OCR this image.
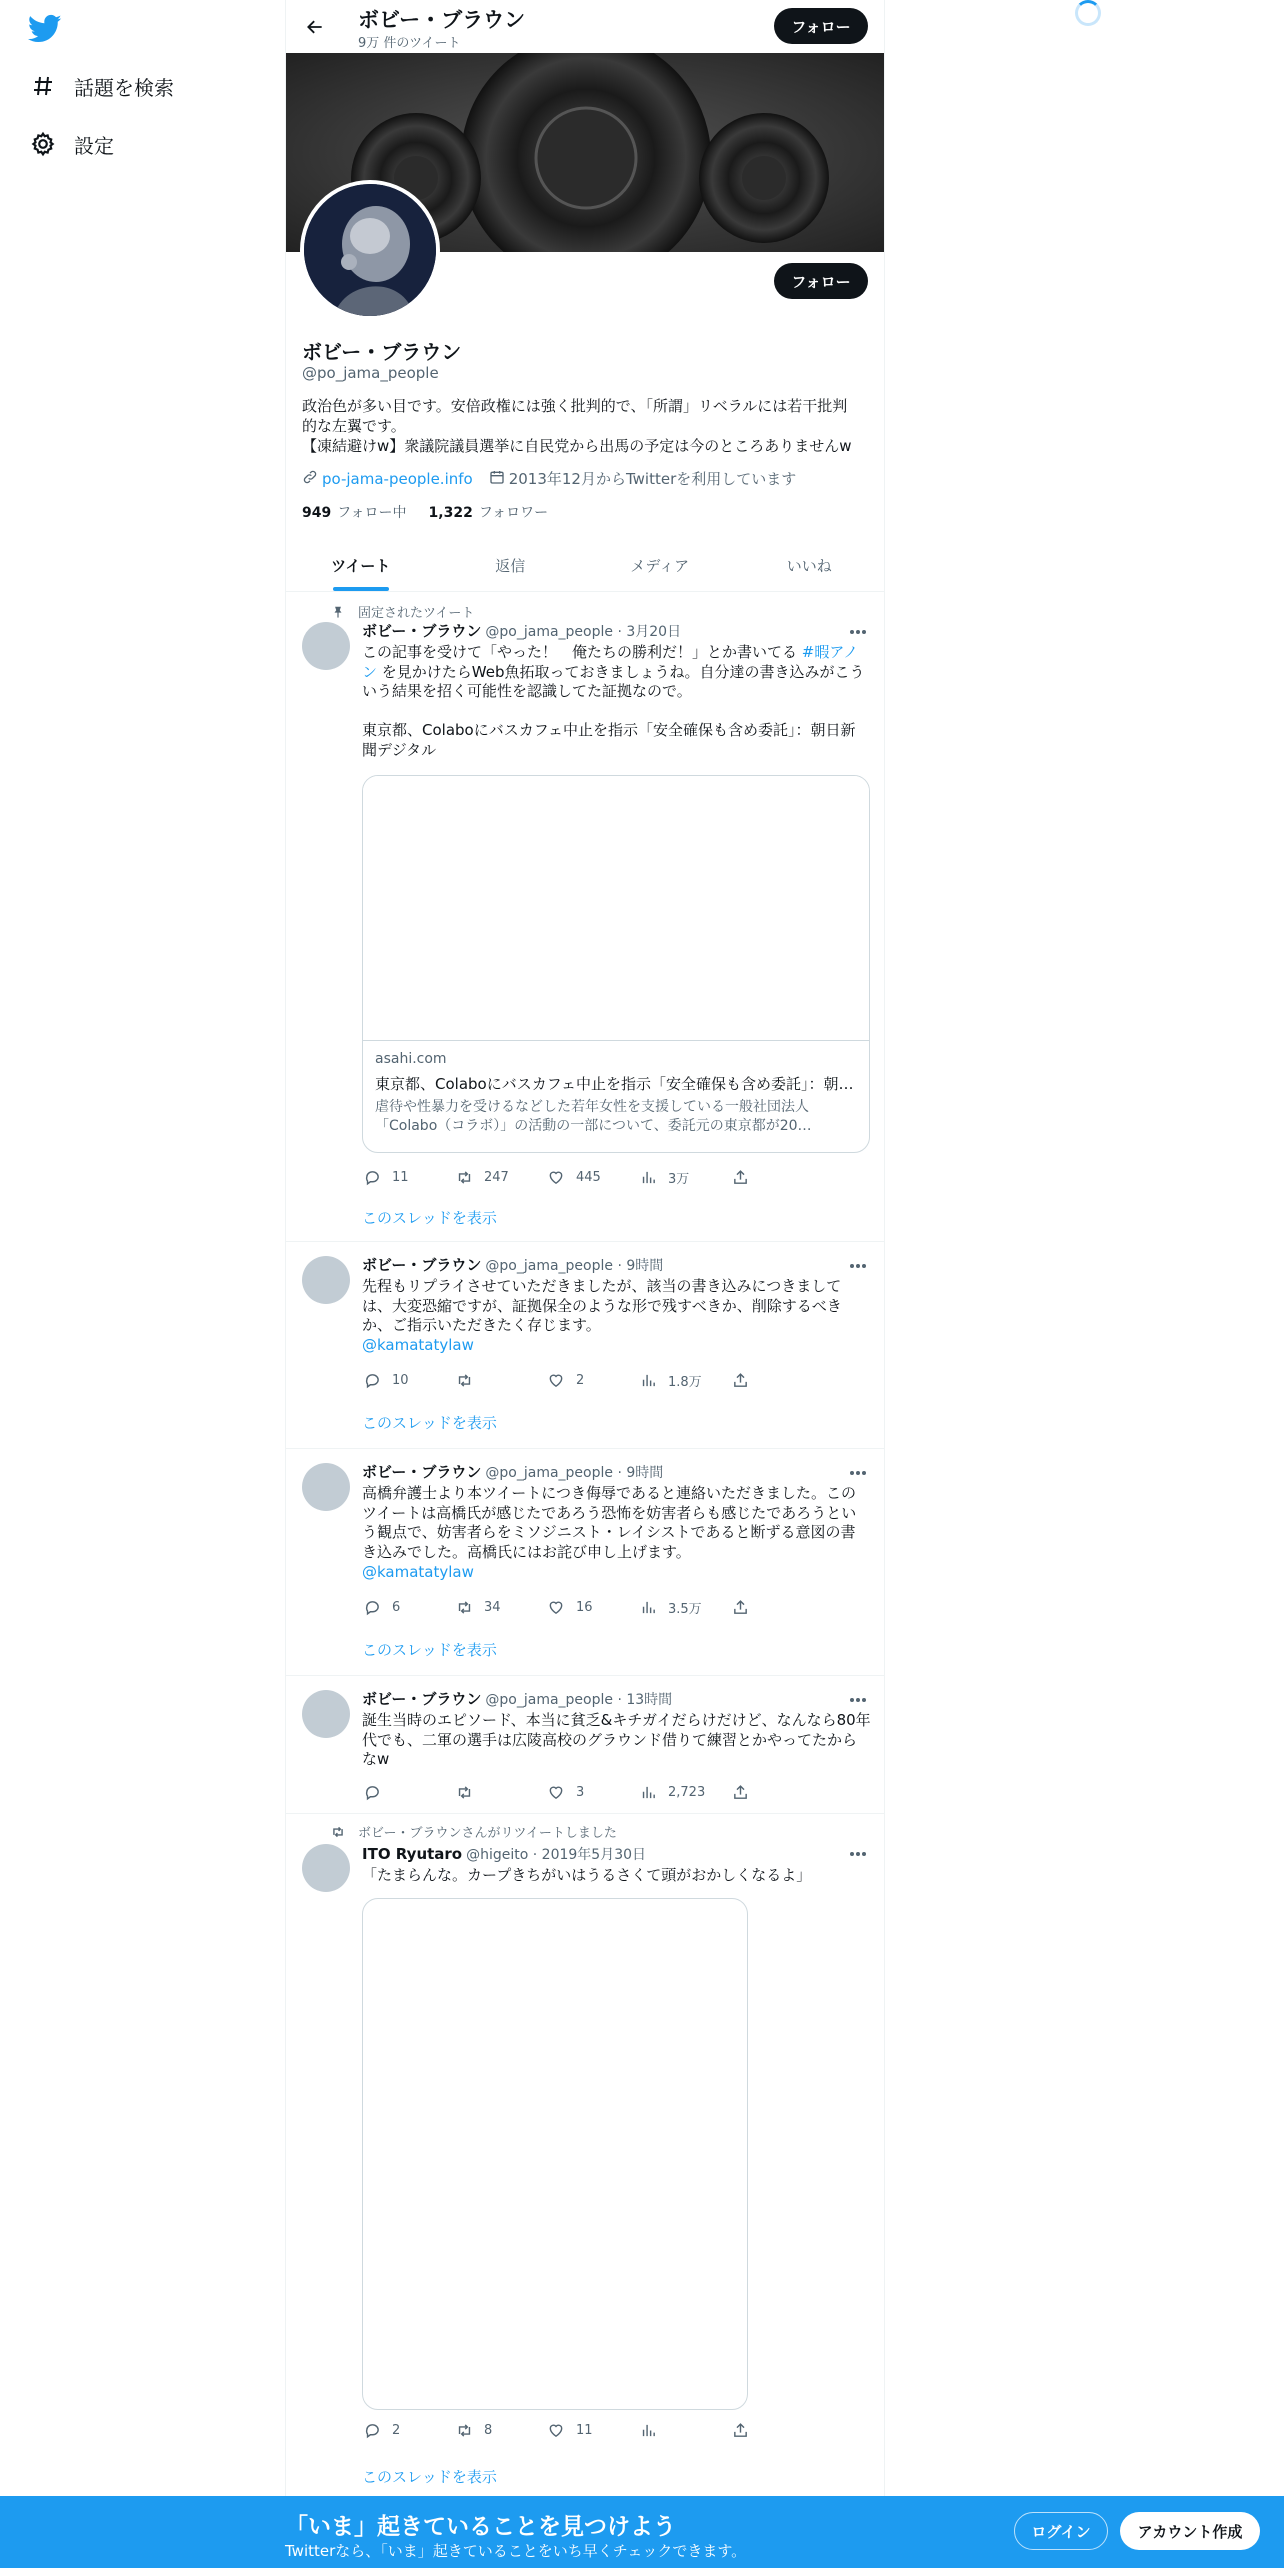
話題を検索
設定
ボビー・ブラウン
9万 件のツイート
フォロー
フォロー
ボビー・ブラウン
@po_jama_people
政治色が多い目です。安倍政権には強く批判的で、「所謂」リベラルには若干批判
的な左翼です。
【凍結避けw】衆議院議員選挙に自民党から出馬の予定は今のところありませんw
po-jama-people.info 2013年12月からTwitterを利用しています
949 フォロー中 1,322 フォロワー
ツイート	返信	メディア	いいね
固定されたツイート
ボビー・ブラウン @po_jama_people · 3月20日
この記事を受けて「やった！　俺たちの勝利だ！」とか書いてる #暇アノ
ン を見かけたらWeb魚拓取っておきましょうね。自分達の書き込みがこう
いう結果を招く可能性を認識してた証拠なので。
東京都、Colaboにバスカフェ中止を指示「安全確保も含め委託」：朝日新
聞デジタル
asahi.com
東京都、Colaboにバスカフェ中止を指示「安全確保も含め委託」：朝…
虐待や性暴力を受けるなどした若年女性を支援している一般社団法人「Colabo（コラボ）」の活動の一部について、委託元の東京都が20…
11	247	445	3万
このスレッドを表示
ボビー・ブラウン @po_jama_people · 9時間
先程もリプライさせていただきましたが、該当の書き込みにつきまして
は、大変恐縮ですが、証拠保全のような形で残すべきか、削除するべき
か、ご指示いただきたく存じます。
@kamatatylaw
10	2	1.8万
このスレッドを表示
ボビー・ブラウン @po_jama_people · 9時間
高橋弁護士より本ツイートにつき侮辱であると連絡いただきました。この
ツイートは高橋氏が感じたであろう恐怖を妨害者らも感じたであろうとい
う観点で、妨害者らをミソジニスト・レイシストであると断ずる意図の書
き込みでした。高橋氏にはお詫び申し上げます。
@kamatatylaw
6	34	16	3.5万
このスレッドを表示
ボビー・ブラウン @po_jama_people · 13時間
誕生当時のエピソード、本当に貧乏&キチガイだらけだけど、なんなら80年
代でも、二軍の選手は広陵高校のグラウンド借りて練習とかやってたから
なw
3	2,723
ボビー・ブラウンさんがリツイートしました
ITO Ryutaro @higeito · 2019年5月30日
「たまらんな。カープきちがいはうるさくて頭がおかしくなるよ」
2	8	11
このスレッドを表示
「いま」起きていることを見つけよう
Twitterなら、「いま」起きていることをいち早くチェックできます。
ログイン	アカウント作成
